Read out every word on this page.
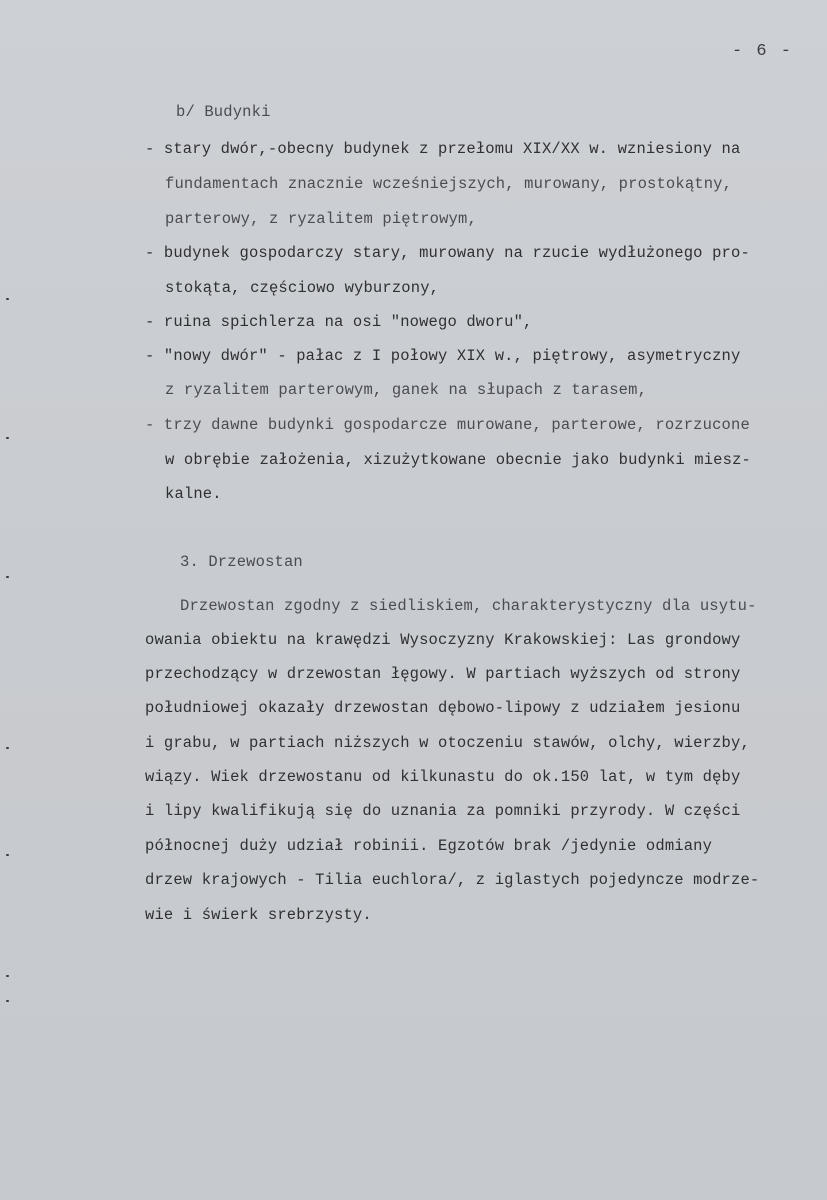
- 6 -
b/ Budynki
- stary dwór,-obecny budynek z przełomu XIX/XX w. wzniesiony na
fundamentach znacznie wcześniejszych, murowany, prostokątny,
parterowy, z ryzalitem piętrowym,
- budynek gospodarczy stary, murowany na rzucie wydłużonego pro-
stokąta, częściowo wyburzony,
- ruina spichlerza na osi "nowego dworu",
- "nowy dwór" - pałac z I połowy XIX w., piętrowy, asymetryczny
z ryzalitem parterowym, ganek na słupach z tarasem,
- trzy dawne budynki gospodarcze murowane, parterowe, rozrzucone
w obrębie założenia, xizużytkowane obecnie jako budynki miesz-
kalne.
3. Drzewostan
Drzewostan zgodny z siedliskiem, charakterystyczny dla usytu-
owania obiektu na krawędzi Wysoczyzny Krakowskiej: Las grondowy
przechodzący w drzewostan łęgowy. W partiach wyższych od strony
południowej okazały drzewostan dębowo-lipowy z udziałem jesionu
i grabu, w partiach niższych w otoczeniu stawów, olchy, wierzby,
wiązy. Wiek drzewostanu od kilkunastu do ok.150 lat, w tym dęby
i lipy kwalifikują się do uznania za pomniki przyrody. W części
północnej duży udział robinii. Egzotów brak /jedynie odmiany
drzew krajowych - Tilia euchlora/, z iglastych pojedyncze modrze-
wie i świerk srebrzysty.
